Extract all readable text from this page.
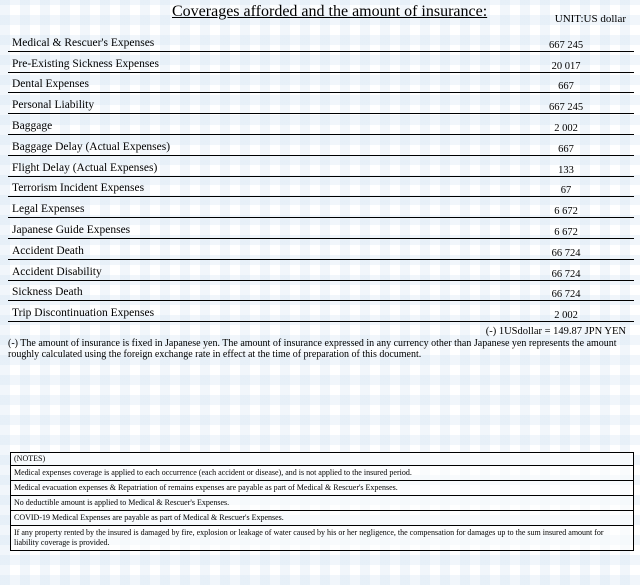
Coverages afforded and the amount of insurance:	UNIT:US dollar
Medical & Rescuer's Expenses	667 245
Pre-Existing Sickness Expenses	20 017
Dental Expenses	667
Personal Liability	667 245
Baggage	2 002
Baggage Delay (Actual Expenses)	667
Flight Delay (Actual Expenses)	133
Terrorism Incident Expenses	67
Legal Expenses	6 672
Japanese Guide Expenses	6 672
Accident Death	66 724
Accident Disability	66 724
Sickness Death	66 724
Trip Discontinuation Expenses	2 002
(-) 1USdollar = 149.87 JPN YEN
(-) The amount of insurance is fixed in Japanese yen. The amount of insurance expressed in any currency other than Japanese yen represents the amount roughly calculated using the foreign exchange rate in effect at the time of preparation of this document.
(NOTES)
Medical expenses coverage is applied to each occurrence (each accident or disease), and is not applied to the insured period.
Medical evacuation expenses & Repatriation of remains expenses are payable as part of Medical & Rescuer's Expenses.
No deductible amount is applied to Medical & Rescuer's Expenses.
COVID-19 Medical Expenses are payable as part of Medical & Rescuer's Expenses.
If any property rented by the insured is damaged by fire, explosion or leakage of water caused by his or her negligence, the compensation for damages up to the sum insured amount for liability coverage is provided.
